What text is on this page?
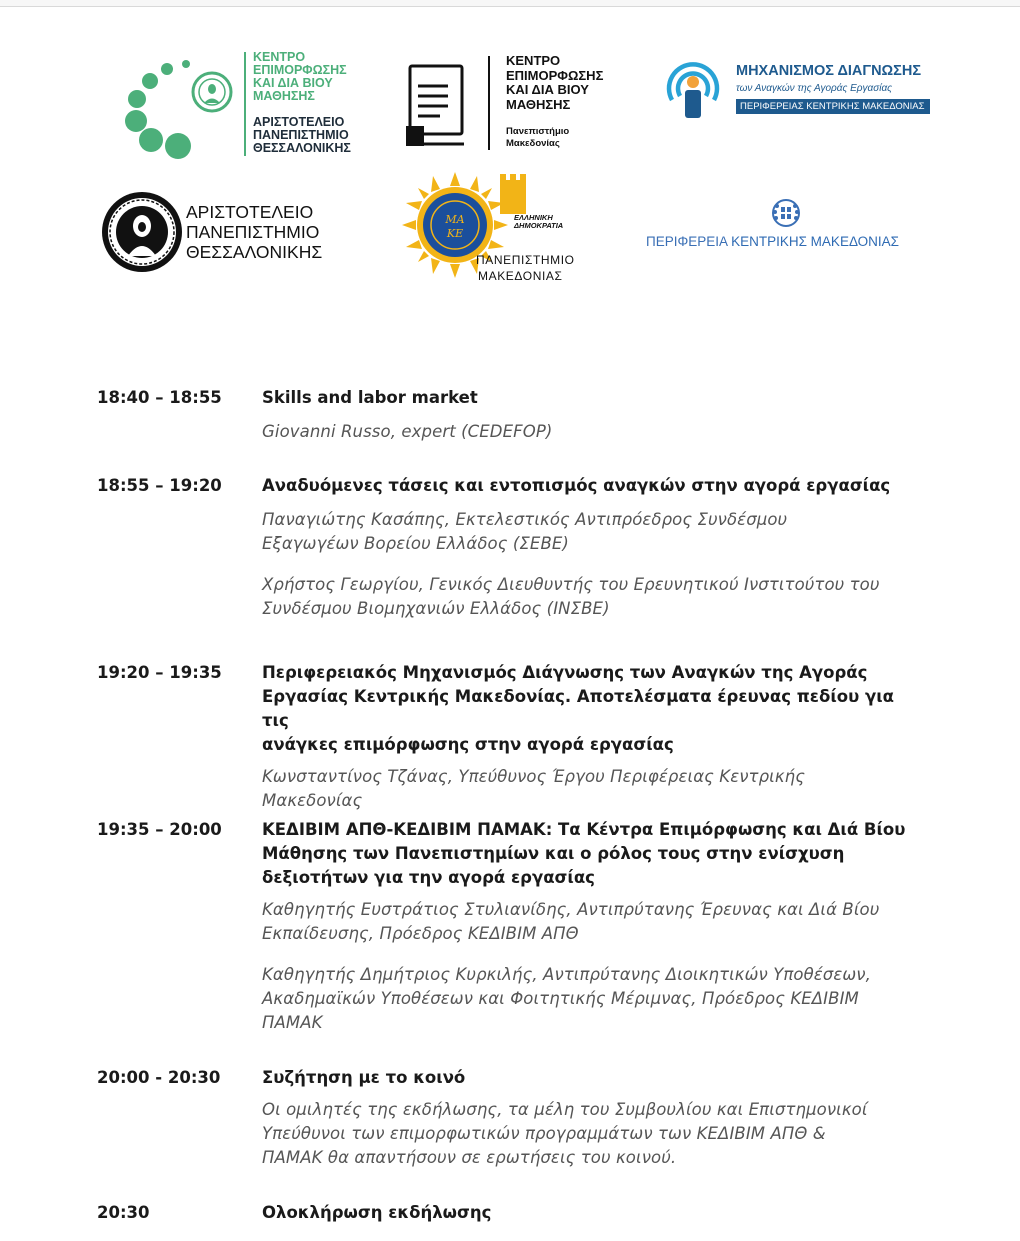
ΚΕΝΤΡΟ
ΕΠΙΜΟΡΦΩΣΗΣ
ΚΑΙ ΔΙΑ ΒΙΟΥ
ΜΑΘΗΣΗΣ
ΑΡΙΣΤΟΤΕΛΕΙΟ
ΠΑΝΕΠΙΣΤΗΜΙΟ
ΘΕΣΣΑΛΟΝΙΚΗΣ
ΚΕΝΤΡΟ
ΕΠΙΜΟΡΦΩΣΗΣ
ΚΑΙ ΔΙΑ ΒΙΟΥ
ΜΑΘΗΣΗΣ
Πανεπιστήμιο
Μακεδονίας
ΜΗΧΑΝΙΣΜΟΣ ΔΙΑΓΝΩΣΗΣ
των Αναγκών της Αγοράς Εργασίας
ΠΕΡΙΦΕΡΕΙΑΣ ΚΕΝΤΡΙΚΗΣ ΜΑΚΕΔΟΝΙΑΣ
ΑΡΙΣΤΟΤΕΛΕΙΟ
ΠΑΝΕΠΙΣΤΗΜΙΟ
ΘΕΣΣΑΛΟΝΙΚΗΣ
ΜΑ
ΚΕ
ΕΛΛΗΝΙΚΗ
ΔΗΜΟΚΡΑΤΙΑ
ΠΑΝΕΠΙΣΤΗΜΙΟ
ΜΑΚΕΔΟΝΙΑΣ
ΠΕΡΙΦΕΡΕΙΑ ΚΕΝΤΡΙΚΗΣ ΜΑΚΕΔΟΝΙΑΣ
18:40 – 18:55	Skills and labor market

Giovanni Russo, expert (CEDEFOP)

18:55 – 19:20	Αναδυόμενες τάσεις και εντοπισμός αναγκών στην αγορά εργασίας

Παναγιώτης Κασάπης, Εκτελεστικός Αντιπρόεδρος Συνδέσμου
Εξαγωγέων Βορείου Ελλάδος (ΣΕΒΕ)

Χρήστος Γεωργίου, Γενικός Διευθυντής του Ερευνητικού Ινστιτούτου του
Συνδέσμου Βιομηχανιών Ελλάδος (ΙΝΣΒΕ)

19:20 – 19:35	Περιφερειακός Μηχανισμός Διάγνωσης των Αναγκών της Αγοράς
Εργασίας Κεντρικής Μακεδονίας. Αποτελέσματα έρευνας πεδίου για τις
ανάγκες επιμόρφωσης στην αγορά εργασίας

Κωνσταντίνος Τζάνας, Υπεύθυνος Έργου Περιφέρειας Κεντρικής
Μακεδονίας

19:35 – 20:00	ΚΕΔΙΒΙΜ ΑΠΘ-ΚΕΔΙΒΙΜ ΠΑΜΑΚ: Τα Κέντρα Επιμόρφωσης και Διά Βίου
Μάθησης των Πανεπιστημίων και ο ρόλος τους στην ενίσχυση
δεξιοτήτων για την αγορά εργασίας

Καθηγητής Ευστράτιος Στυλιανίδης, Αντιπρύτανης Έρευνας και Διά Βίου
Εκπαίδευσης, Πρόεδρος ΚΕΔΙΒΙΜ ΑΠΘ

Καθηγητής Δημήτριος Κυρκιλής, Αντιπρύτανης Διοικητικών Υποθέσεων,
Ακαδημαϊκών Υποθέσεων και Φοιτητικής Μέριμνας, Πρόεδρος ΚΕΔΙΒΙΜ
ΠΑΜΑΚ

20:00 - 20:30	Συζήτηση με το κοινό

Οι ομιλητές της εκδήλωσης, τα μέλη του Συμβουλίου και Επιστημονικοί
Υπεύθυνοι των επιμορφωτικών προγραμμάτων των ΚΕΔΙΒΙΜ ΑΠΘ &
ΠΑΜΑΚ θα απαντήσουν σε ερωτήσεις του κοινού.

20:30	Ολοκλήρωση εκδήλωσης
